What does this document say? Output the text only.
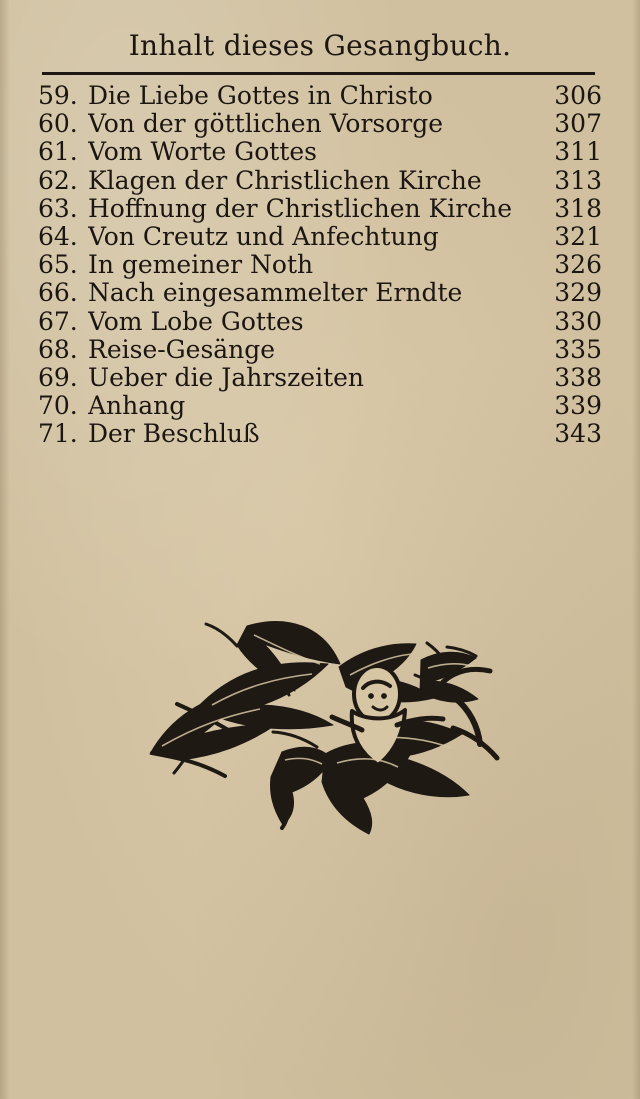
Inhalt dieses Gesangbuch.
59. Die Liebe Gottes in Christo	306
60. Von der göttlichen Vorsorge	307
61. Vom Worte Gottes	311
62. Klagen der Christlichen Kirche	313
63. Hoffnung der Christlichen Kirche	318
64. Von Creutz und Anfechtung	321
65. In gemeiner Noth	326
66. Nach eingesammelter Erndte	329
67. Vom Lobe Gottes	330
68. Reise-Gesänge	335
69. Ueber die Jahrszeiten	338
70. Anhang	339
71. Der Beschluß	343
